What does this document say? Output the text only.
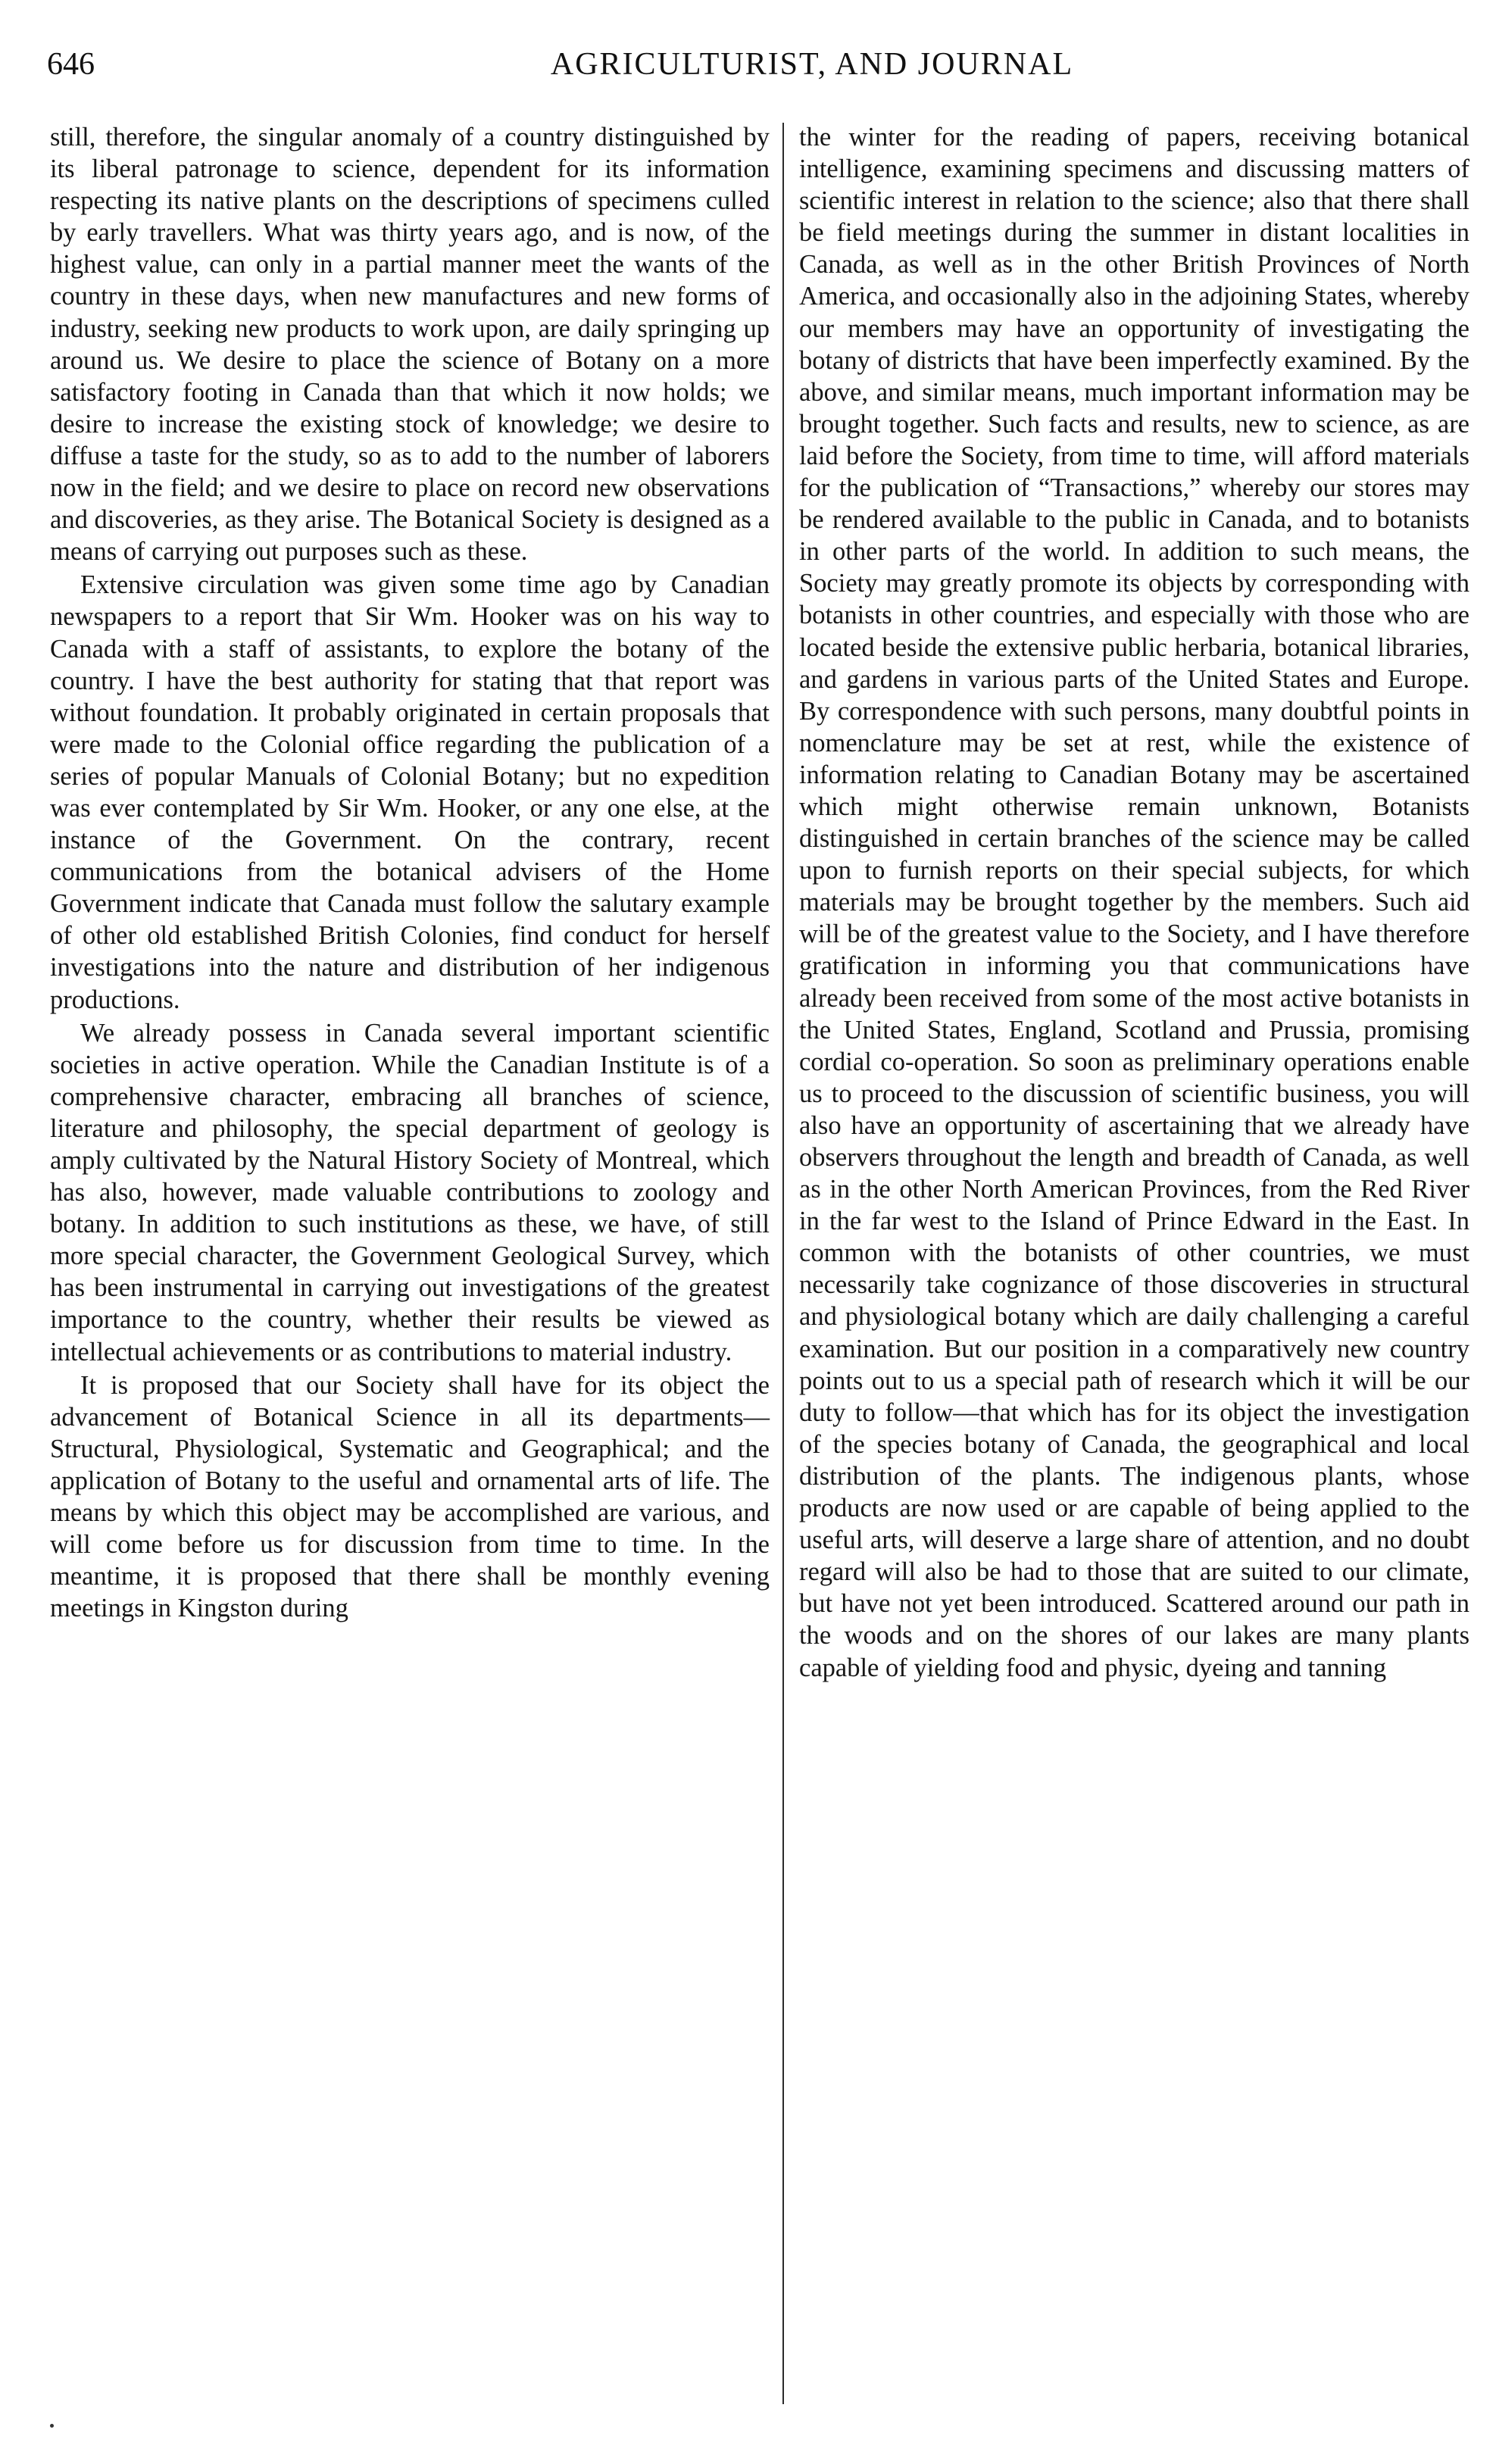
646	AGRICULTURIST, AND JOURNAL

still, therefore, the singular anomaly of a country distinguished by its liberal patronage to science, dependent for its information respecting its native plants on the descriptions of specimens culled by early travellers. What was thirty years ago, and is now, of the highest value, can only in a partial manner meet the wants of the country in these days, when new manufactures and new forms of industry, seeking new products to work upon, are daily springing up around us. We desire to place the science of Botany on a more satisfactory footing in Canada than that which it now holds; we desire to increase the existing stock of knowledge; we desire to diffuse a taste for the study, so as to add to the number of laborers now in the field; and we desire to place on record new observations and discoveries, as they arise. The Botanical Society is designed as a means of carrying out purposes such as these.

Extensive circulation was given some time ago by Canadian newspapers to a report that Sir Wm. Hooker was on his way to Canada with a staff of assistants, to explore the botany of the country. I have the best authority for stating that that report was without foundation. It probably originated in certain proposals that were made to the Colonial office regarding the publication of a series of popular Manuals of Colonial Botany; but no expedition was ever contemplated by Sir Wm. Hooker, or any one else, at the instance of the Government. On the contrary, recent communications from the botanical advisers of the Home Government indicate that Canada must follow the salutary example of other old established British Colonies, find conduct for herself investigations into the nature and distribution of her indigenous productions.

We already possess in Canada several important scientific societies in active operation. While the Canadian Institute is of a comprehensive character, embracing all branches of science, literature and philosophy, the special department of geology is amply cultivated by the Natural History Society of Montreal, which has also, however, made valuable contributions to zoology and botany. In addition to such institutions as these, we have, of still more special character, the Government Geological Survey, which has been instrumental in carrying out investigations of the greatest importance to the country, whether their results be viewed as intellectual achievements or as contributions to material industry.

It is proposed that our Society shall have for its object the advancement of Botanical Science in all its departments—Structural, Physiological, Systematic and Geographical; and the application of Botany to the useful and ornamental arts of life. The means by which this object may be accomplished are various, and will come before us for discussion from time to time. In the meantime, it is proposed that there shall be monthly evening meetings in Kingston during

the winter for the reading of papers, receiving botanical intelligence, examining specimens and discussing matters of scientific interest in relation to the science; also that there shall be field meetings during the summer in distant localities in Canada, as well as in the other British Provinces of North America, and occasionally also in the adjoining States, whereby our members may have an opportunity of investigating the botany of districts that have been imperfectly examined. By the above, and similar means, much important information may be brought together. Such facts and results, new to science, as are laid before the Society, from time to time, will afford materials for the publication of “Transactions,” whereby our stores may be rendered available to the public in Canada, and to botanists in other parts of the world. In addition to such means, the Society may greatly promote its objects by corresponding with botanists in other countries, and especially with those who are located beside the extensive public herbaria, botanical libraries, and gardens in various parts of the United States and Europe. By correspondence with such persons, many doubtful points in nomenclature may be set at rest, while the existence of information relating to Canadian Botany may be ascertained which might otherwise remain unknown, Botanists distinguished in certain branches of the science may be called upon to furnish reports on their special subjects, for which materials may be brought together by the members. Such aid will be of the greatest value to the Society, and I have therefore gratification in informing you that communications have already been received from some of the most active botanists in the United States, England, Scotland and Prussia, promising cordial co-operation. So soon as preliminary operations enable us to proceed to the discussion of scientific business, you will also have an opportunity of ascertaining that we already have observers throughout the length and breadth of Canada, as well as in the other North American Provinces, from the Red River in the far west to the Island of Prince Edward in the East. In common with the botanists of other countries, we must necessarily take cognizance of those discoveries in structural and physiological botany which are daily challenging a careful examination. But our position in a comparatively new country points out to us a special path of research which it will be our duty to follow—that which has for its object the investigation of the species botany of Canada, the geographical and local distribution of the plants. The indigenous plants, whose products are now used or are capable of being applied to the useful arts, will deserve a large share of attention, and no doubt regard will also be had to those that are suited to our climate, but have not yet been introduced. Scattered around our path in the woods and on the shores of our lakes are many plants capable of yielding food and physic, dyeing and tanning
